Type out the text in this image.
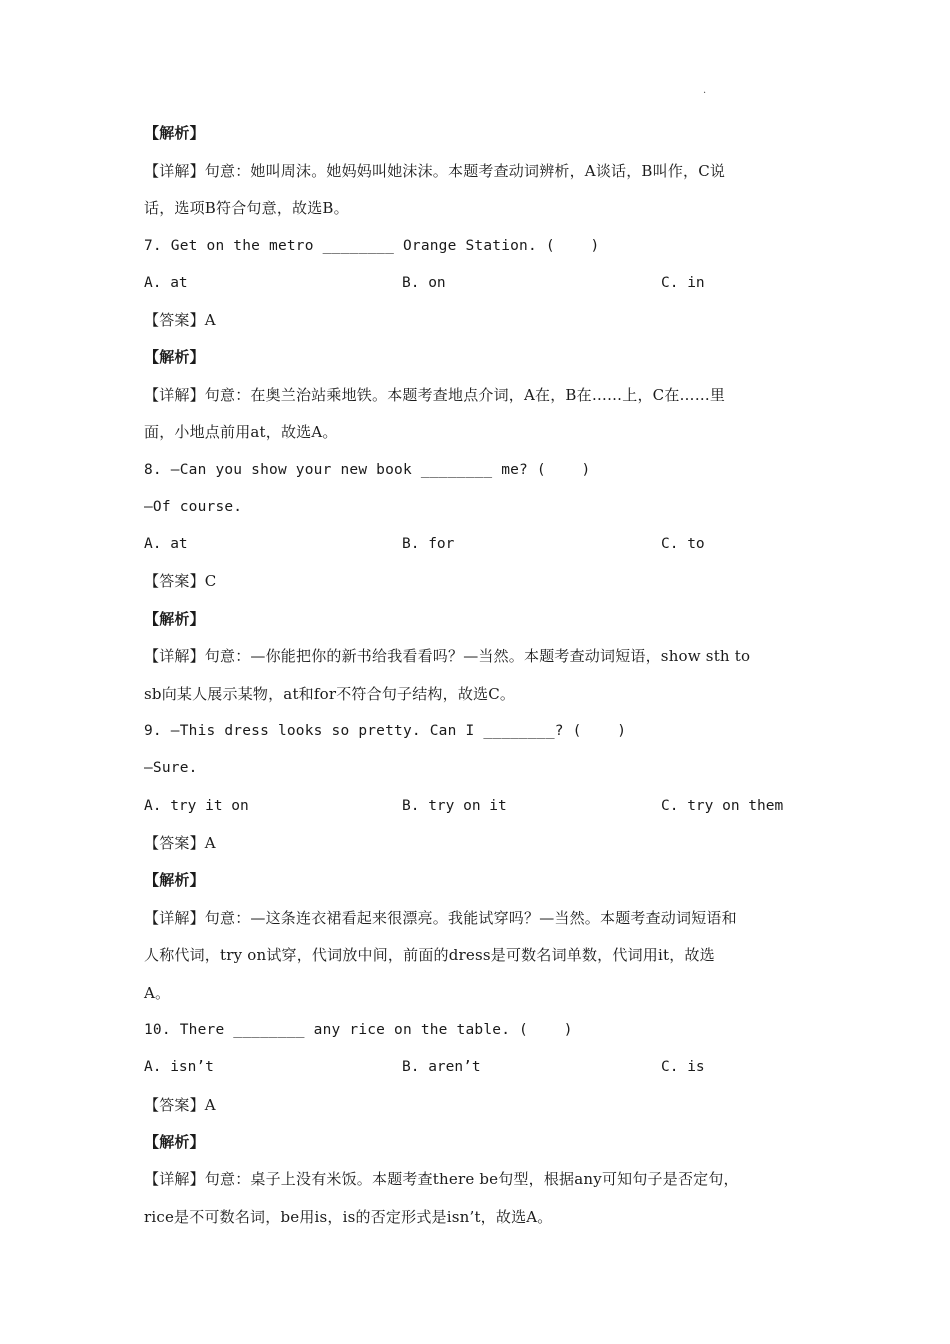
·
【解析】
【详解】句意：她叫周沫。她妈妈叫她沫沫。本题考查动词辨析，A谈话，B叫作，C说
话，选项B符合句意，故选B。
7. Get on the metro ________ Orange Station. (    )
A. at	B. on	C. in
【答案】A
【解析】
【详解】句意：在奥兰治站乘地铁。本题考查地点介词，A在，B在……上，C在……里
面，小地点前用at，故选A。
8. —Can you show your new book ________ me? (    )
—Of course.
A. at	B. for	C. to
【答案】C
【解析】
【详解】句意：—你能把你的新书给我看看吗？—当然。本题考查动词短语，show sth to
sb向某人展示某物，at和for不符合句子结构，故选C。
9. —This dress looks so pretty. Can I ________? (    )
—Sure.
A. try it on	B. try on it	C. try on them
【答案】A
【解析】
【详解】句意：—这条连衣裙看起来很漂亮。我能试穿吗？—当然。本题考查动词短语和
人称代词，try on试穿，代词放中间，前面的dress是可数名词单数，代词用it，故选
A。
10. There ________ any rice on the table. (    )
A. isn’t	B. aren’t	C. is
【答案】A
【解析】
【详解】句意：桌子上没有米饭。本题考查there be句型，根据any可知句子是否定句，
rice是不可数名词，be用is，is的否定形式是isn’t，故选A。
